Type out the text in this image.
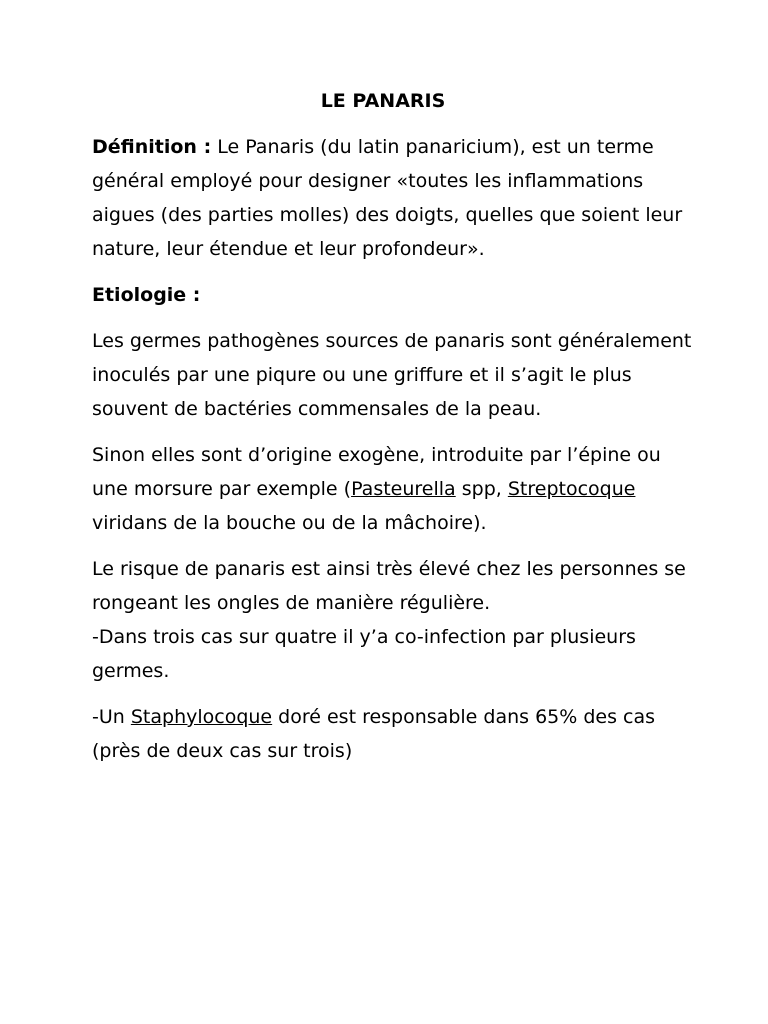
LE PANARIS

Définition : Le Panaris (du latin panaricium), est un terme général employé pour designer «toutes les inflammations aigues (des parties molles) des doigts, quelles que soient leur nature, leur étendue et leur profondeur».

Etiologie :

Les germes pathogènes sources de panaris sont généralement inoculés par une piqure ou une griffure et il s’agit le plus souvent de bactéries commensales de la peau.

Sinon elles sont d’origine exogène, introduite par l’épine ou une morsure par exemple (Pasteurella spp, Streptocoque viridans de la bouche ou de la mâchoire).

Le risque de panaris est ainsi très élevé chez les personnes se rongeant les ongles de manière régulière.

-Dans trois cas sur quatre il y’a co-infection par plusieurs germes.

-Un Staphylocoque doré est responsable dans 65% des cas (près de deux cas sur trois)
